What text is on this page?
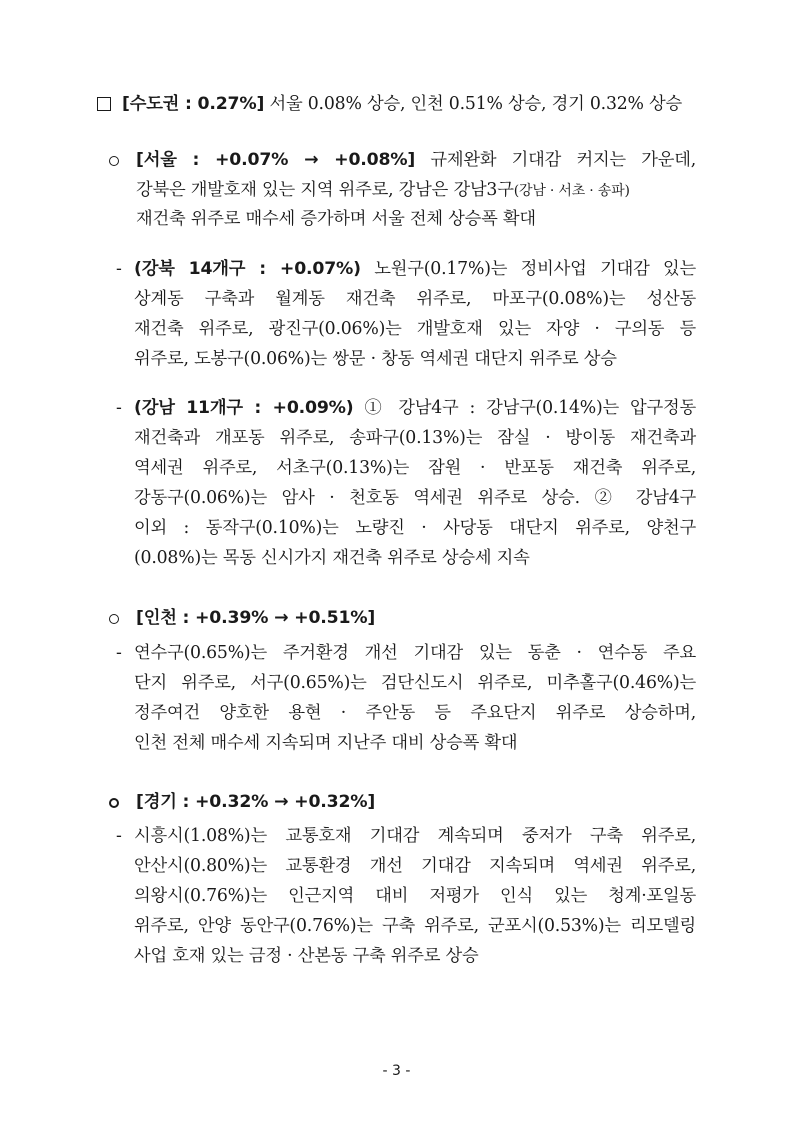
[수도권 : 0.27%] 서울 0.08% 상승, 인천 0.51% 상승, 경기 0.32% 상승
[서울 : +0.07% → +0.08%] 규제완화 기대감 커지는 가운데,
강북은 개발호재 있는 지역 위주로, 강남은 강남3구(강남 · 서초 · 송파)
재건축 위주로 매수세 증가하며 서울 전체 상승폭 확대
- (강북 14개구 : +0.07%) 노원구(0.17%)는 정비사업 기대감 있는
상계동 구축과 월계동 재건축 위주로, 마포구(0.08%)는 성산동
재건축 위주로, 광진구(0.06%)는 개발호재 있는 자양 · 구의동 등
위주로, 도봉구(0.06%)는 쌍문 · 창동 역세권 대단지 위주로 상승
- (강남 11개구 : +0.09%) ① 강남4구 : 강남구(0.14%)는 압구정동
재건축과 개포동 위주로, 송파구(0.13%)는 잠실 · 방이동 재건축과
역세권 위주로, 서초구(0.13%)는 잠원 · 반포동 재건축 위주로,
강동구(0.06%)는 암사 · 천호동 역세권 위주로 상승. ② 강남4구
이외 : 동작구(0.10%)는 노량진 · 사당동 대단지 위주로, 양천구
(0.08%)는 목동 신시가지 재건축 위주로 상승세 지속
[인천 : +0.39% → +0.51%]
- 연수구(0.65%)는 주거환경 개선 기대감 있는 동춘 · 연수동 주요
단지 위주로, 서구(0.65%)는 검단신도시 위주로, 미추홀구(0.46%)는
정주여건 양호한 용현 · 주안동 등 주요단지 위주로 상승하며,
인천 전체 매수세 지속되며 지난주 대비 상승폭 확대
[경기 : +0.32% → +0.32%]
- 시흥시(1.08%)는 교통호재 기대감 계속되며 중저가 구축 위주로,
안산시(0.80%)는 교통환경 개선 기대감 지속되며 역세권 위주로,
의왕시(0.76%)는 인근지역 대비 저평가 인식 있는 청계·포일동
위주로, 안양 동안구(0.76%)는 구축 위주로, 군포시(0.53%)는 리모델링
사업 호재 있는 금정 · 산본동 구축 위주로 상승
- 3 -
